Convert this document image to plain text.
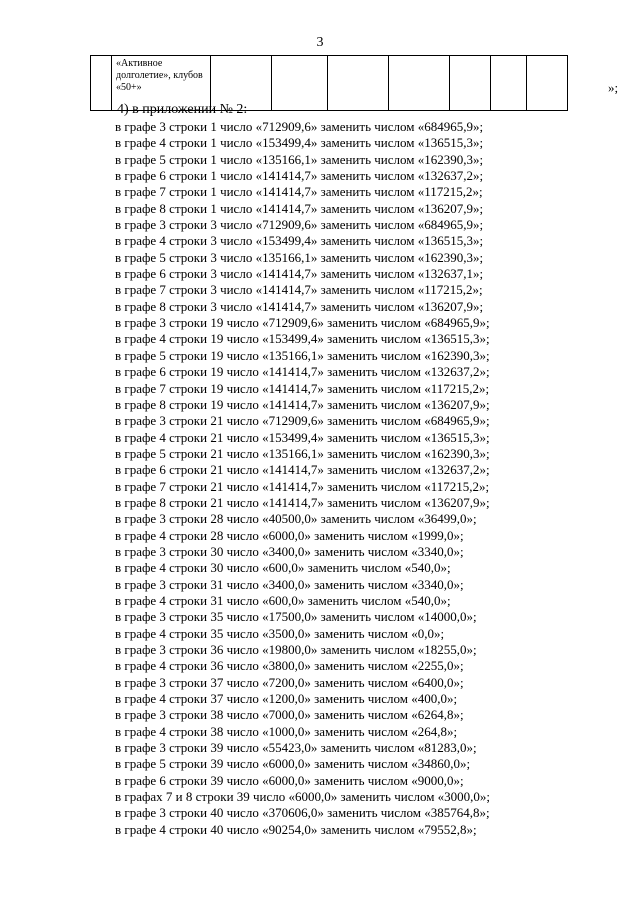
3
	«Активное долголетие», клубов «50+»								»;
4) в приложении № 2:
в графе 3 строки 1 число «712909,6» заменить числом «684965,9»;
в графе 4 строки 1 число «153499,4» заменить числом «136515,3»;
в графе 5 строки 1 число «135166,1» заменить числом «162390,3»;
в графе 6 строки 1 число «141414,7» заменить числом «132637,2»;
в графе 7 строки 1 число «141414,7» заменить числом «117215,2»;
в графе 8 строки 1 число «141414,7» заменить числом «136207,9»;
в графе 3 строки 3 число «712909,6» заменить числом «684965,9»;
в графе 4 строки 3 число «153499,4» заменить числом «136515,3»;
в графе 5 строки 3 число «135166,1» заменить числом «162390,3»;
в графе 6 строки 3 число «141414,7» заменить числом «132637,1»;
в графе 7 строки 3 число «141414,7» заменить числом «117215,2»;
в графе 8 строки 3 число «141414,7» заменить числом «136207,9»;
в графе 3 строки 19 число «712909,6» заменить числом «684965,9»;
в графе 4 строки 19 число «153499,4» заменить числом «136515,3»;
в графе 5 строки 19 число «135166,1» заменить числом «162390,3»;
в графе 6 строки 19 число «141414,7» заменить числом «132637,2»;
в графе 7 строки 19 число «141414,7» заменить числом «117215,2»;
в графе 8 строки 19 число «141414,7» заменить числом «136207,9»;
в графе 3 строки 21 число «712909,6» заменить числом «684965,9»;
в графе 4 строки 21 число «153499,4» заменить числом «136515,3»;
в графе 5 строки 21 число «135166,1» заменить числом «162390,3»;
в графе 6 строки 21 число «141414,7» заменить числом «132637,2»;
в графе 7 строки 21 число «141414,7» заменить числом «117215,2»;
в графе 8 строки 21 число «141414,7» заменить числом «136207,9»;
в графе 3 строки 28 число «40500,0» заменить числом «36499,0»;
в графе 4 строки 28 число «6000,0» заменить числом «1999,0»;
в графе 3 строки 30 число «3400,0» заменить числом «3340,0»;
в графе 4 строки 30 число «600,0» заменить числом «540,0»;
в графе 3 строки 31 число «3400,0» заменить числом «3340,0»;
в графе 4 строки 31 число «600,0» заменить числом «540,0»;
в графе 3 строки 35 число «17500,0» заменить числом «14000,0»;
в графе 4 строки 35 число «3500,0» заменить числом «0,0»;
в графе 3 строки 36 число «19800,0» заменить числом «18255,0»;
в графе 4 строки 36 число «3800,0» заменить числом «2255,0»;
в графе 3 строки 37 число «7200,0» заменить числом «6400,0»;
в графе 4 строки 37 число «1200,0» заменить числом «400,0»;
в графе 3 строки 38 число «7000,0» заменить числом «6264,8»;
в графе 4 строки 38 число «1000,0» заменить числом «264,8»;
в графе 3 строки 39 число «55423,0» заменить числом «81283,0»;
в графе 5 строки 39 число «6000,0» заменить числом «34860,0»;
в графе 6 строки 39 число «6000,0» заменить числом «9000,0»;
в графах 7 и 8 строки 39 число «6000,0» заменить числом «3000,0»;
в графе 3 строки 40 число «370606,0» заменить числом «385764,8»;
в графе 4 строки 40 число «90254,0» заменить числом «79552,8»;
